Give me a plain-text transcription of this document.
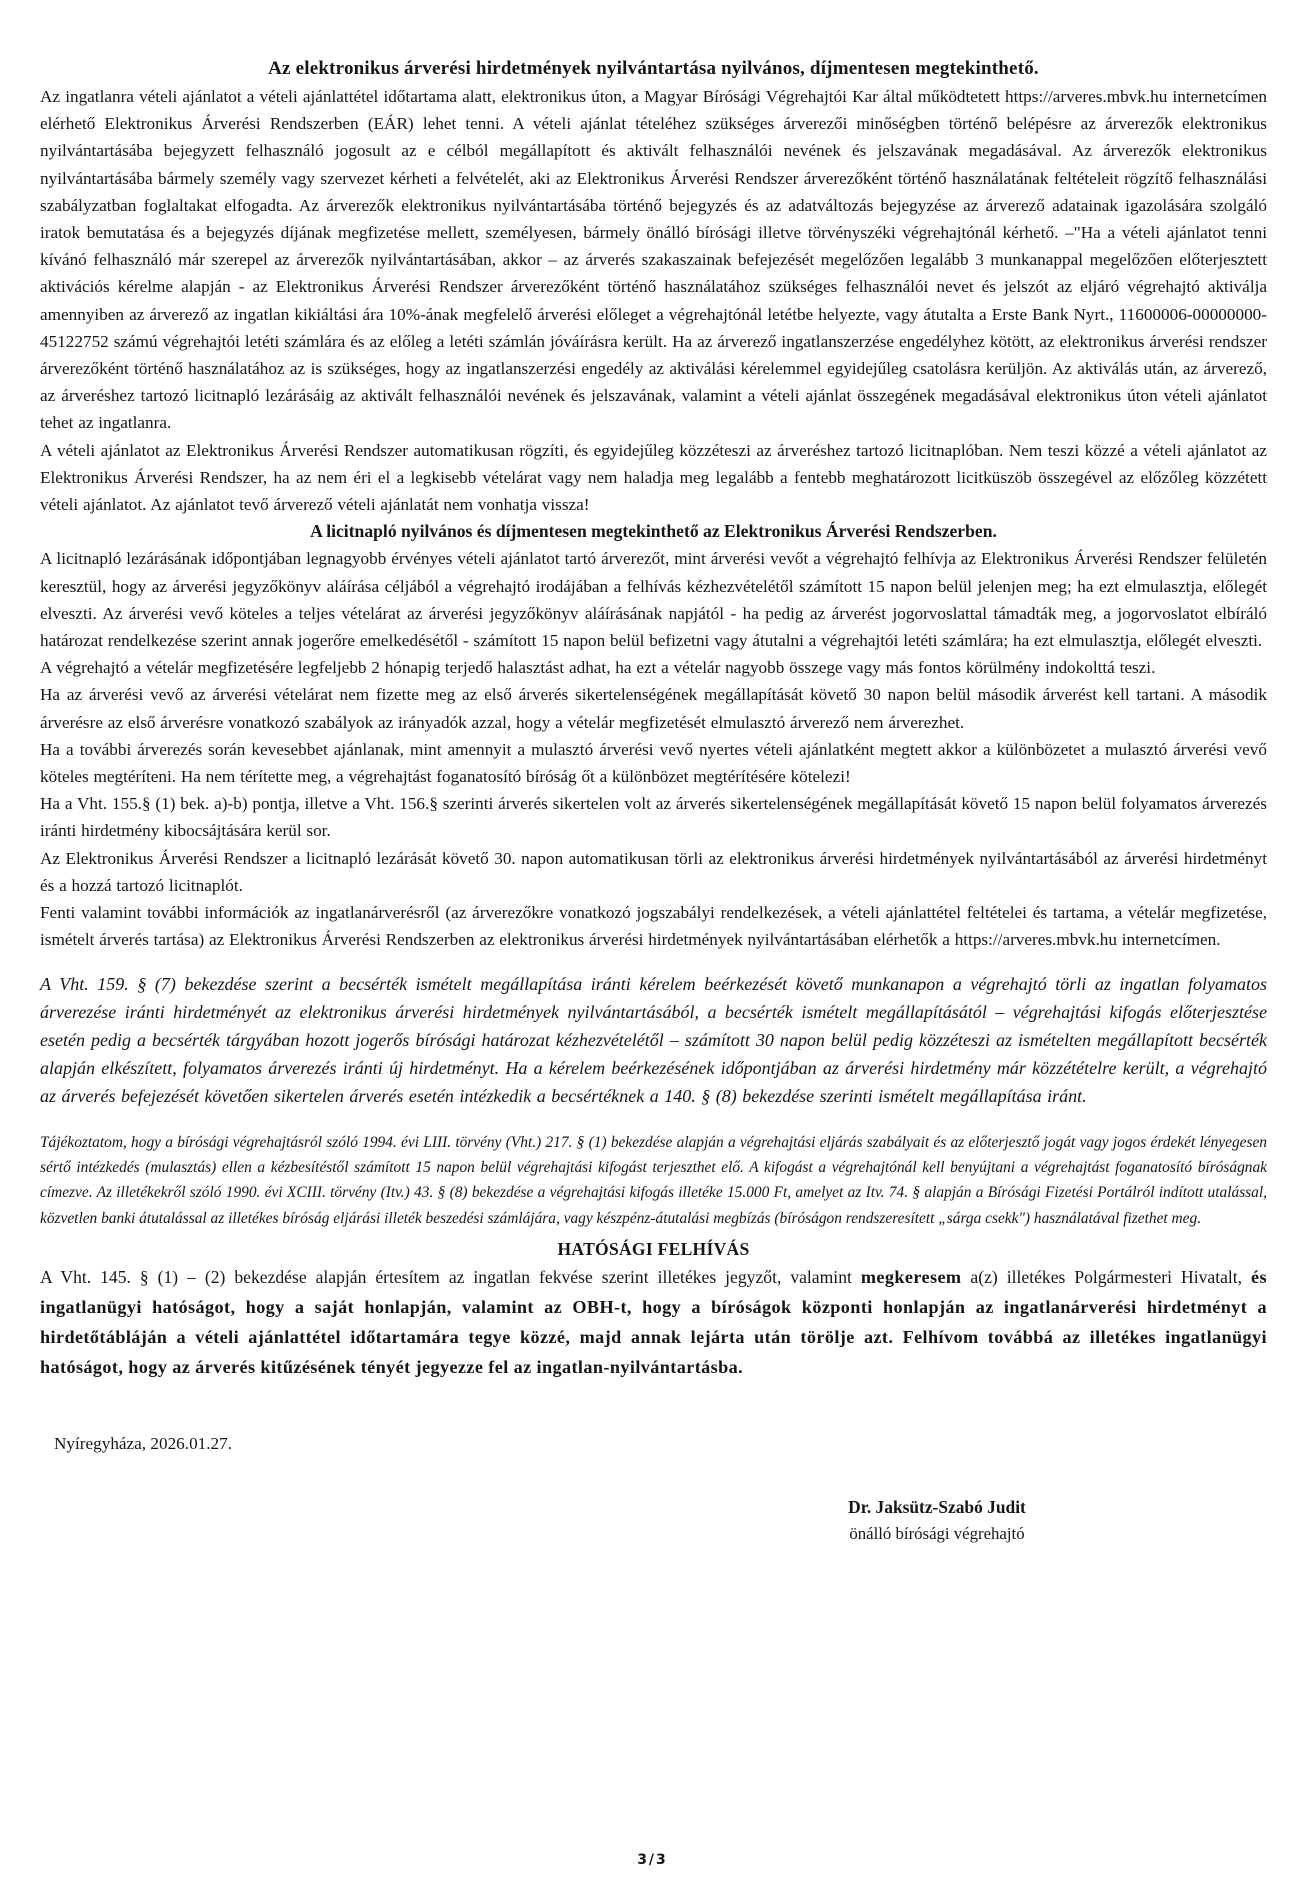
Az elektronikus árverési hirdetmények nyilvántartása nyilvános, díjmentesen megtekinthető.

Az ingatlanra vételi ajánlatot a vételi ajánlattétel időtartama alatt, elektronikus úton, a Magyar Bírósági Végrehajtói Kar által működtetett https://arveres.mbvk.hu internetcímen elérhető Elektronikus Árverési Rendszerben (EÁR) lehet tenni. A vételi ajánlat tételéhez szükséges árverezői minőségben történő belépésre az árverezők elektronikus nyilvántartásába bejegyzett felhasználó jogosult az e célból megállapított és aktivált felhasználói nevének és jelszavának megadásával. Az árverezők elektronikus nyilvántartásába bármely személy vagy szervezet kérheti a felvételét, aki az Elektronikus Árverési Rendszer árverezőként történő használatának feltételeit rögzítő felhasználási szabályzatban foglaltakat elfogadta. Az árverezők elektronikus nyilvántartásába történő bejegyzés és az adatváltozás bejegyzése az árverező adatainak igazolására szolgáló iratok bemutatása és a bejegyzés díjának megfizetése mellett, személyesen, bármely önálló bírósági illetve törvényszéki végrehajtónál kérhető. –"Ha a vételi ajánlatot tenni kívánó felhasználó már szerepel az árverezők nyilvántartásában, akkor – az árverés szakaszainak befejezését megelőzően legalább 3 munkanappal megelőzően előterjesztett aktivációs kérelme alapján - az Elektronikus Árverési Rendszer árverezőként történő használatához szükséges felhasználói nevet és jelszót az eljáró végrehajtó aktiválja amennyiben az árverező az ingatlan kikiáltási ára 10%-ának megfelelő árverési előleget a végrehajtónál letétbe helyezte, vagy átutalta a Erste Bank Nyrt., 11600006-00000000-45122752 számú végrehajtói letéti számlára és az előleg a letéti számlán jóváírásra került. Ha az árverező ingatlanszerzése engedélyhez kötött, az elektronikus árverési rendszer árverezőként történő használatához az is szükséges, hogy az ingatlanszerzési engedély az aktiválási kérelemmel egyidejűleg csatolásra kerüljön. Az aktiválás után, az árverező, az árveréshez tartozó licitnapló lezárásáig az aktivált felhasználói nevének és jelszavának, valamint a vételi ajánlat összegének megadásával elektronikus úton vételi ajánlatot tehet az ingatlanra.

A vételi ajánlatot az Elektronikus Árverési Rendszer automatikusan rögzíti, és egyidejűleg közzéteszi az árveréshez tartozó licitnaplóban. Nem teszi közzé a vételi ajánlatot az Elektronikus Árverési Rendszer, ha az nem éri el a legkisebb vételárat vagy nem haladja meg legalább a fentebb meghatározott licitküszöb összegével az előzőleg közzétett vételi ajánlatot. Az ajánlatot tevő árverező vételi ajánlatát nem vonhatja vissza!

A licitnapló nyilvános és díjmentesen megtekinthető az Elektronikus Árverési Rendszerben.

A licitnapló lezárásának időpontjában legnagyobb érvényes vételi ajánlatot tartó árverezőt, mint árverési vevőt a végrehajtó felhívja az Elektronikus Árverési Rendszer felületén keresztül, hogy az árverési jegyzőkönyv aláírása céljából a végrehajtó irodájában a felhívás kézhezvételétől számított 15 napon belül jelenjen meg; ha ezt elmulasztja, előlegét elveszti. Az árverési vevő köteles a teljes vételárat az árverési jegyzőkönyv aláírásának napjától - ha pedig az árverést jogorvoslattal támadták meg, a jogorvoslatot elbíráló határozat rendelkezése szerint annak jogerőre emelkedésétől - számított 15 napon belül befizetni vagy átutalni a végrehajtói letéti számlára; ha ezt elmulasztja, előlegét elveszti.

A végrehajtó a vételár megfizetésére legfeljebb 2 hónapig terjedő halasztást adhat, ha ezt a vételár nagyobb összege vagy más fontos körülmény indokolttá teszi.

Ha az árverési vevő az árverési vételárat nem fizette meg az első árverés sikertelenségének megállapítását követő 30 napon belül második árverést kell tartani. A második árverésre az első árverésre vonatkozó szabályok az irányadók azzal, hogy a vételár megfizetését elmulasztó árverező nem árverezhet.

Ha a további árverezés során kevesebbet ajánlanak, mint amennyit a mulasztó árverési vevő nyertes vételi ajánlatként megtett akkor a különbözetet a mulasztó árverési vevő köteles megtéríteni. Ha nem térítette meg, a végrehajtást foganatosító bíróság őt a különbözet megtérítésére kötelezi!

Ha a Vht. 155.§ (1) bek. a)-b) pontja, illetve a Vht. 156.§ szerinti árverés sikertelen volt az árverés sikertelenségének megállapítását követő 15 napon belül folyamatos árverezés iránti hirdetmény kibocsájtására kerül sor.

Az Elektronikus Árverési Rendszer a licitnapló lezárását követő 30. napon automatikusan törli az elektronikus árverési hirdetmények nyilvántartásából az árverési hirdetményt és a hozzá tartozó licitnaplót.

Fenti valamint további információk az ingatlanárverésről (az árverezőkre vonatkozó jogszabályi rendelkezések, a vételi ajánlattétel feltételei és tartama, a vételár megfizetése, ismételt árverés tartása) az Elektronikus Árverési Rendszerben az elektronikus árverési hirdetmények nyilvántartásában elérhetők a https://arveres.mbvk.hu internetcímen.

A Vht. 159. § (7) bekezdése szerint a becsérték ismételt megállapítása iránti kérelem beérkezését követő munkanapon a végrehajtó törli az ingatlan folyamatos árverezése iránti hirdetményét az elektronikus árverési hirdetmények nyilvántartásából, a becsérték ismételt megállapításától – végrehajtási kifogás előterjesztése esetén pedig a becsérték tárgyában hozott jogerős bírósági határozat kézhezvételétől – számított 30 napon belül pedig közzéteszi az ismételten megállapított becsérték alapján elkészített, folyamatos árverezés iránti új hirdetményt. Ha a kérelem beérkezésének időpontjában az árverési hirdetmény már közzétételre került, a végrehajtó az árverés befejezését követően sikertelen árverés esetén intézkedik a becsértéknek a 140. § (8) bekezdése szerinti ismételt megállapítása iránt.

Tájékoztatom, hogy a bírósági végrehajtásról szóló 1994. évi LIII. törvény (Vht.) 217. § (1) bekezdése alapján a végrehajtási eljárás szabályait és az előterjesztő jogát vagy jogos érdekét lényegesen sértő intézkedés (mulasztás) ellen a kézbesítéstől számított 15 napon belül végrehajtási kifogást terjeszthet elő. A kifogást a végrehajtónál kell benyújtani a végrehajtást foganatosító bíróságnak címezve. Az illetékekről szóló 1990. évi XCIII. törvény (Itv.) 43. § (8) bekezdése a végrehajtási kifogás illetéke 15.000 Ft, amelyet az Itv. 74. § alapján a Bírósági Fizetési Portálról indított utalással, közvetlen banki átutalással az illetékes bíróság eljárási illeték beszedési számlájára, vagy készpénz-átutalási megbízás (bíróságon rendszeresített „sárga csekk") használatával fizethet meg.

HATÓSÁGI FELHÍVÁS

A Vht. 145. § (1) – (2) bekezdése alapján értesítem az ingatlan fekvése szerint illetékes jegyzőt, valamint megkeresem a(z) illetékes Polgármesteri Hivatalt, és ingatlanügyi hatóságot, hogy a saját honlapján, valamint az OBH-t, hogy a bíróságok központi honlapján az ingatlanárverési hirdetményt a hirdetőtábláján a vételi ajánlattétel időtartamára tegye közzé, majd annak lejárta után törölje azt. Felhívom továbbá az illetékes ingatlanügyi hatóságot, hogy az árverés kitűzésének tényét jegyezze fel az ingatlan-nyilvántartásba.

Nyíregyháza, 2026.01.27.

Dr. Jaksütz-Szabó Judit
önálló bírósági végrehajtó
3/3
